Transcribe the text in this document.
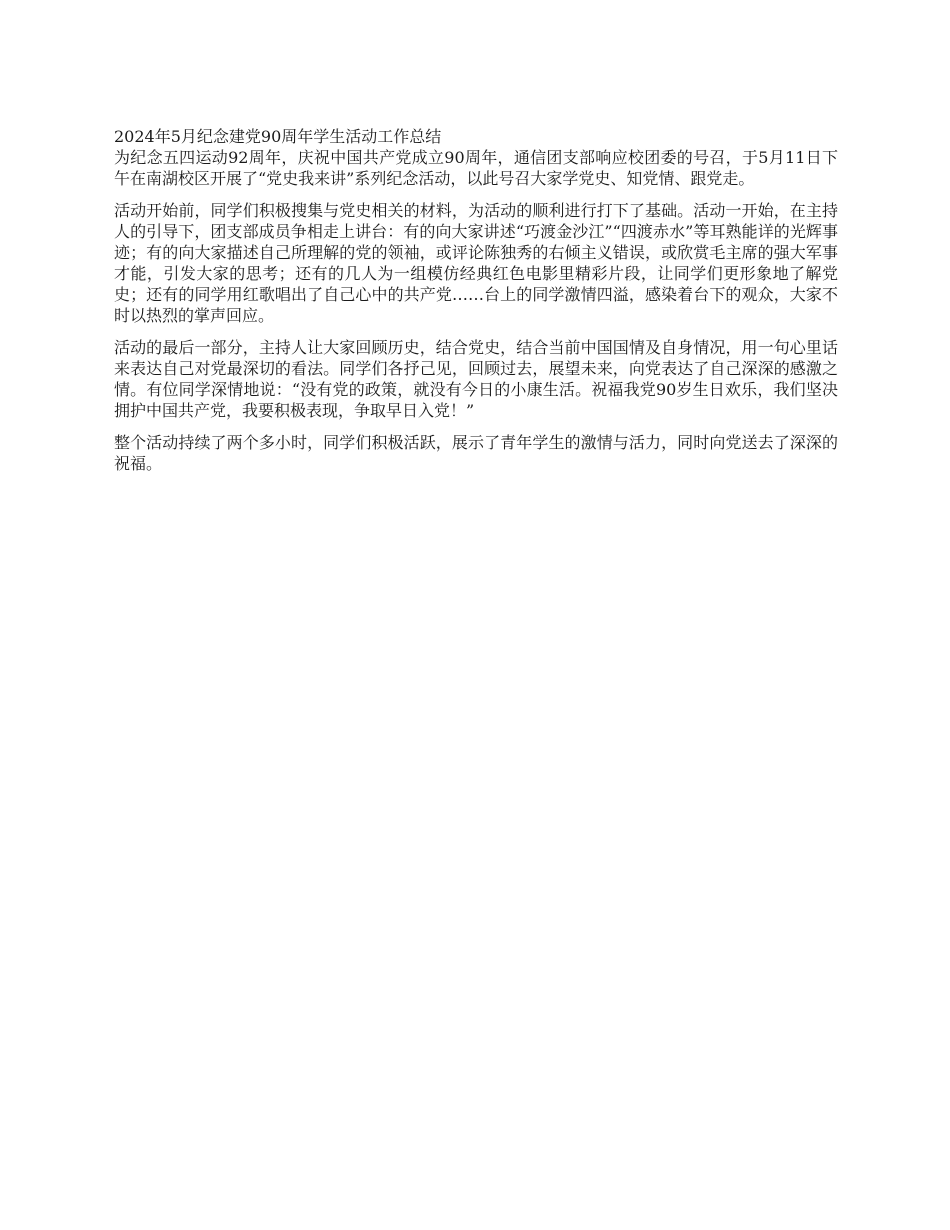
2024年5月纪念建党90周年学生活动工作总结

为纪念五四运动92周年，庆祝中国共产党成立90周年，通信团支部响应校团委的号召，于5月11日下午在南湖校区开展了“党史我来讲”系列纪念活动，以此号召大家学党史、知党情、跟党走。

活动开始前，同学们积极搜集与党史相关的材料，为活动的顺利进行打下了基础。活动一开始，在主持人的引导下，团支部成员争相走上讲台：有的向大家讲述“巧渡金沙江”“四渡赤水”等耳熟能详的光辉事迹；有的向大家描述自己所理解的党的领袖，或评论陈独秀的右倾主义错误，或欣赏毛主席的强大军事才能，引发大家的思考；还有的几人为一组模仿经典红色电影里精彩片段，让同学们更形象地了解党史；还有的同学用红歌唱出了自己心中的共产党……台上的同学激情四溢，感染着台下的观众，大家不时以热烈的掌声回应。

活动的最后一部分，主持人让大家回顾历史，结合党史，结合当前中国国情及自身情况，用一句心里话来表达自己对党最深切的看法。同学们各抒己见，回顾过去，展望未来，向党表达了自己深深的感激之情。有位同学深情地说：“没有党的政策，就没有今日的小康生活。祝福我党90岁生日欢乐，我们坚决拥护中国共产党，我要积极表现，争取早日入党！”

整个活动持续了两个多小时，同学们积极活跃，展示了青年学生的激情与活力，同时向党送去了深深的祝福。
